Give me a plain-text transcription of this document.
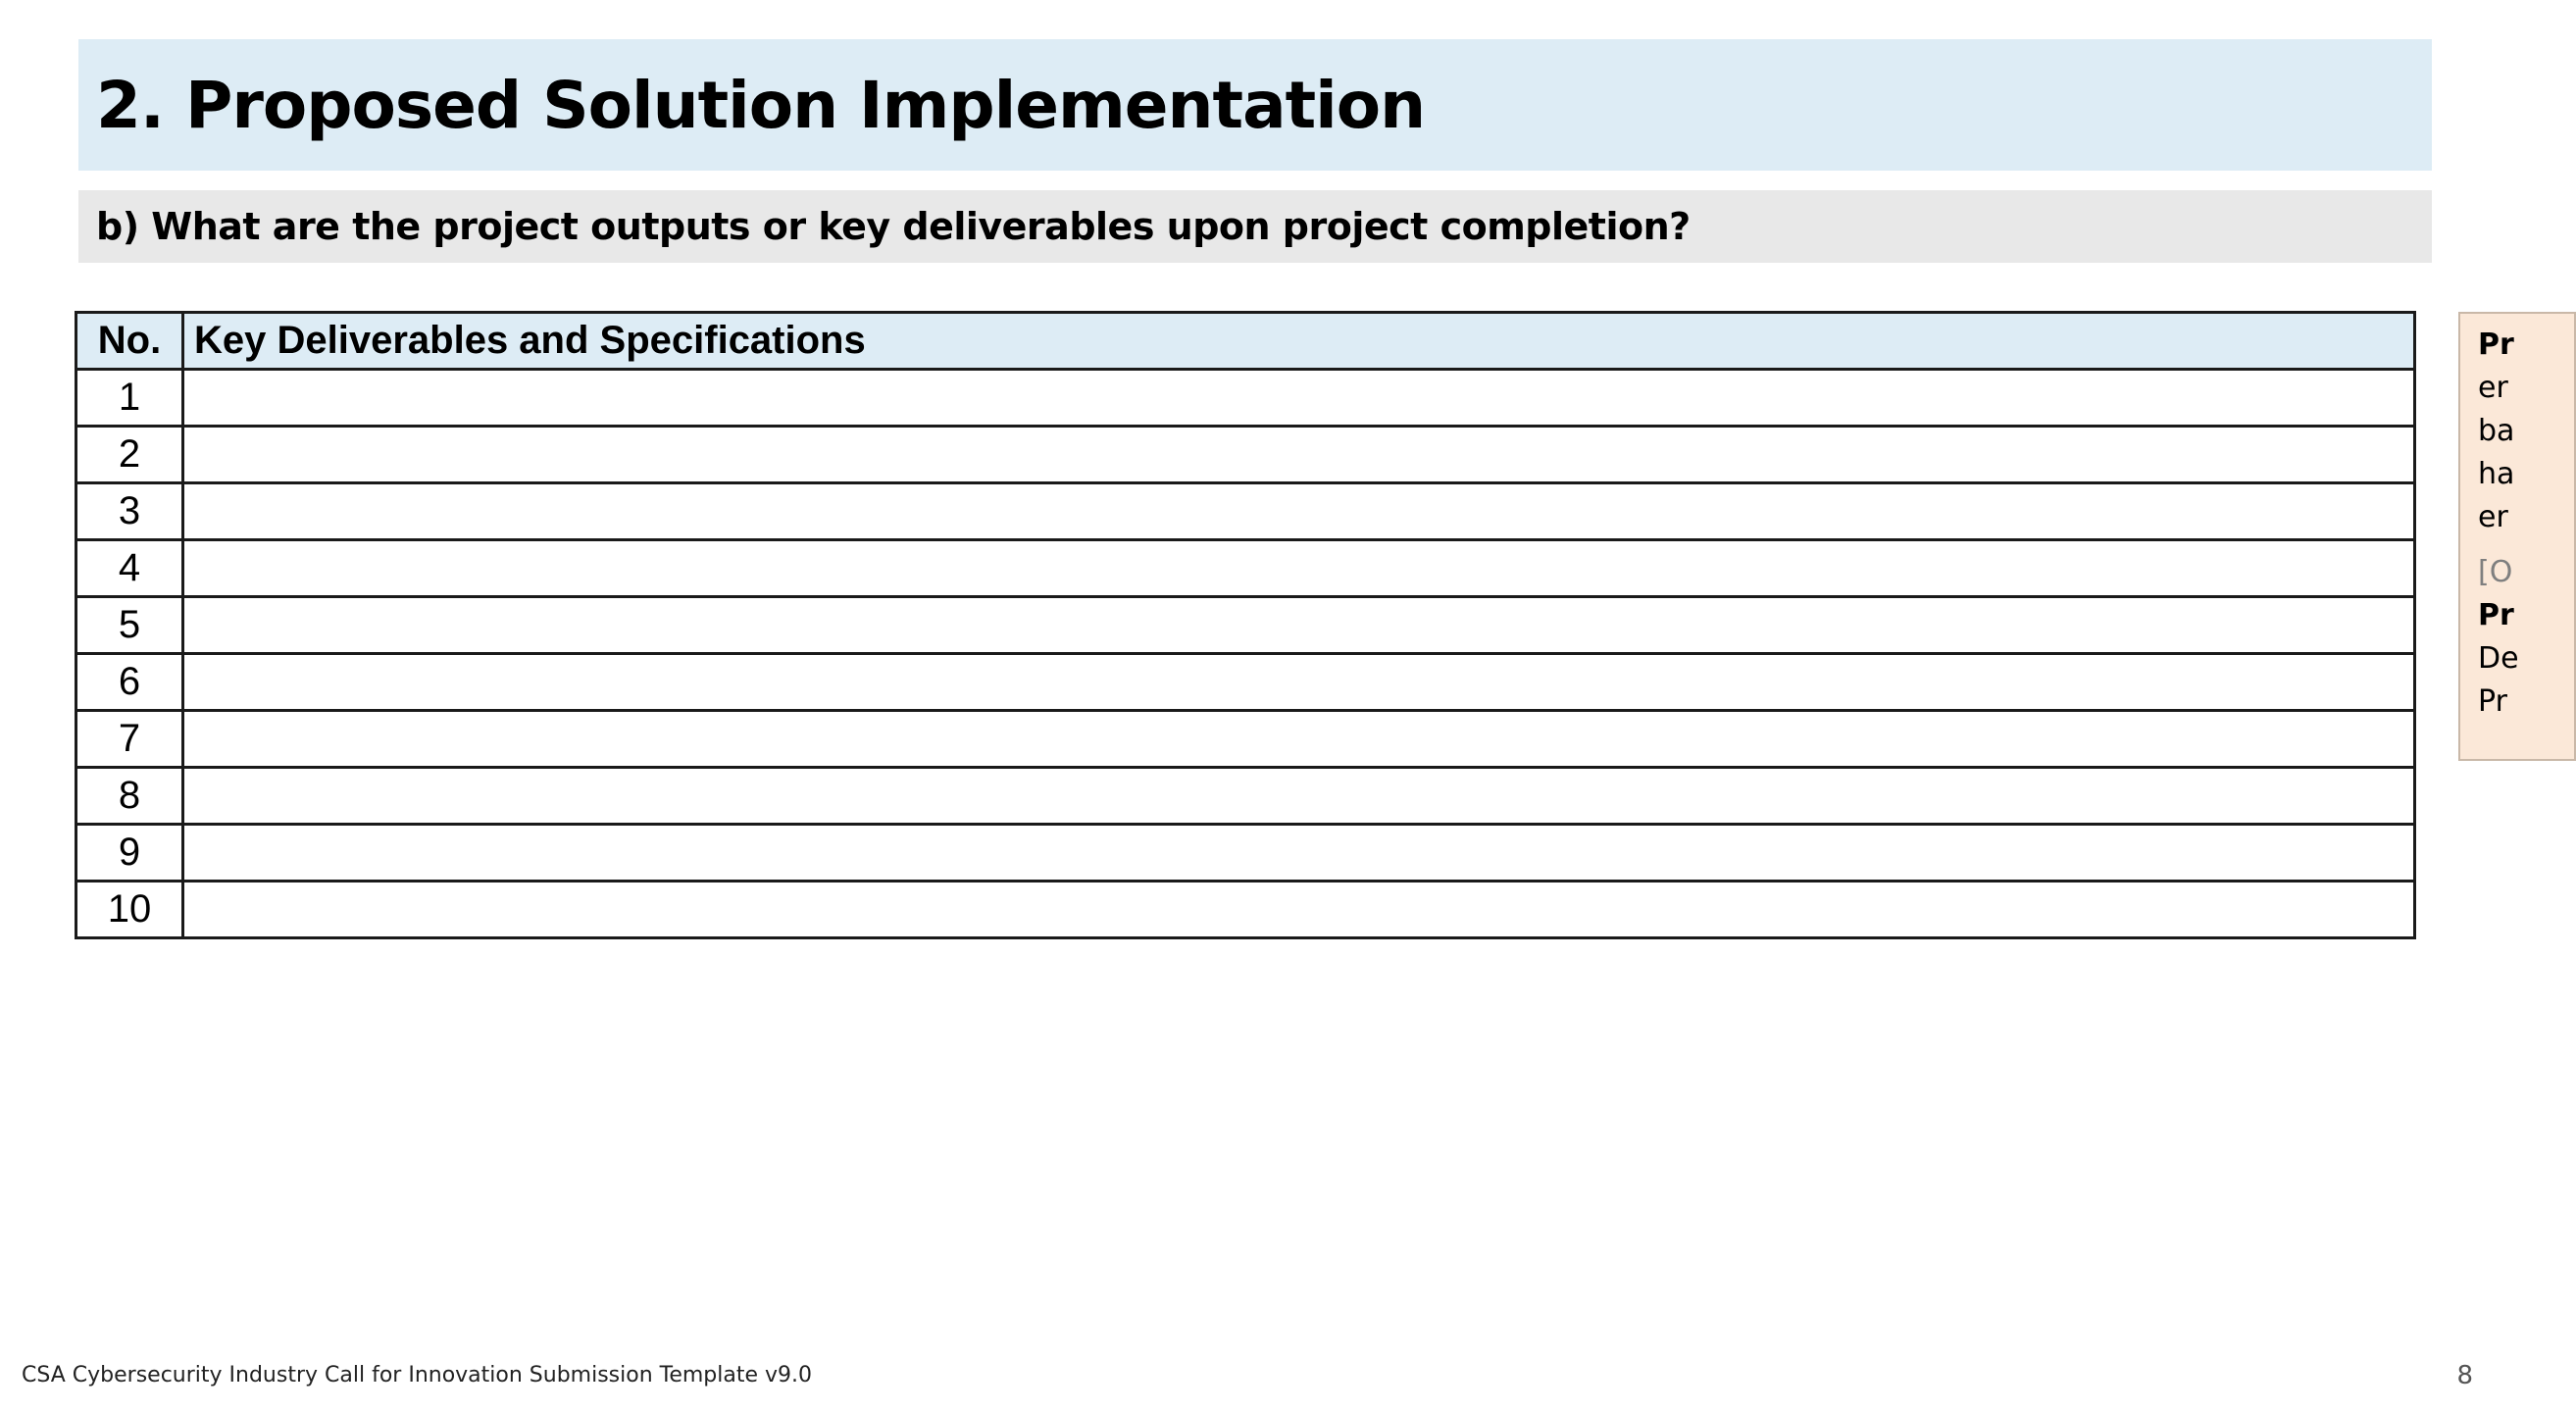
2. Proposed Solution Implementation
b) What are the project outputs or key deliverables upon project completion?
No.	Key Deliverables and Specifications
1	
2	
3	
4	
5	
6	
7	
8	
9	
10	
Pr
er
ba
ha
er
[O
Pr
De
Pr
CSA Cybersecurity Industry Call for Innovation Submission Template v9.0	8
